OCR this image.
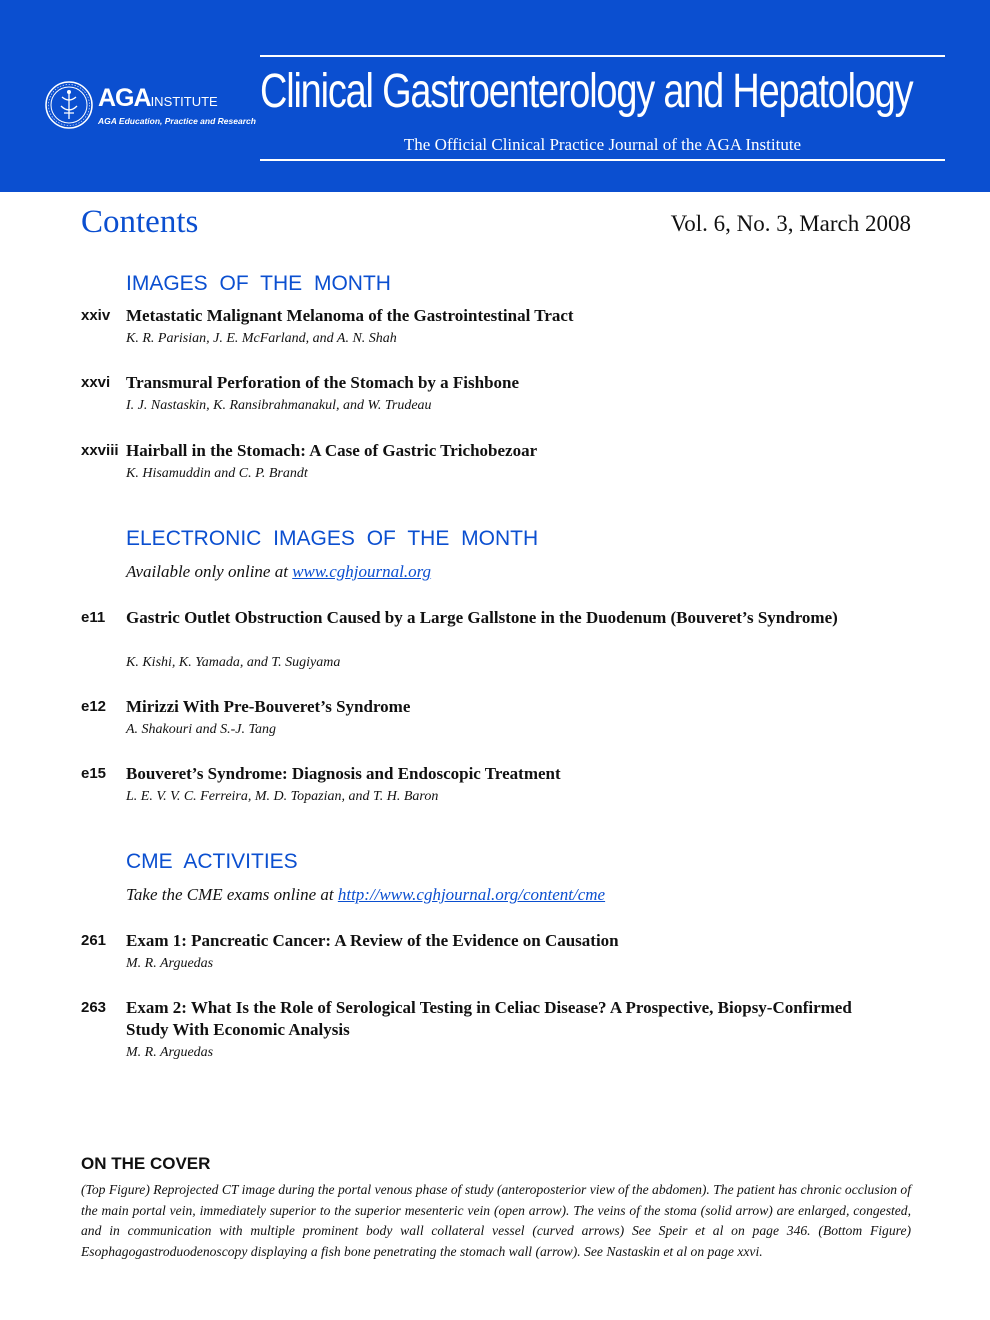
AGAINSTITUTE
AGA Education, Practice and Research
Clinical Gastroenterology and Hepatology
The Official Clinical Practice Journal of the AGA Institute
Contents	Vol. 6, No. 3, March 2008
IMAGES OF THE MONTH
xxiv Metastatic Malignant Melanoma of the Gastrointestinal Tract
K. R. Parisian, J. E. McFarland, and A. N. Shah
xxvi Transmural Perforation of the Stomach by a Fishbone
I. J. Nastaskin, K. Ransibrahmanakul, and W. Trudeau
xxviii Hairball in the Stomach: A Case of Gastric Trichobezoar
K. Hisamuddin and C. P. Brandt
ELECTRONIC IMAGES OF THE MONTH
Available only online at www.cghjournal.org
e11 Gastric Outlet Obstruction Caused by a Large Gallstone in the Duodenum (Bouveret’s Syndrome)
K. Kishi, K. Yamada, and T. Sugiyama
e12 Mirizzi With Pre-Bouveret’s Syndrome
A. Shakouri and S.-J. Tang
e15 Bouveret’s Syndrome: Diagnosis and Endoscopic Treatment
L. E. V. V. C. Ferreira, M. D. Topazian, and T. H. Baron
CME ACTIVITIES
Take the CME exams online at http://www.cghjournal.org/content/cme
261 Exam 1: Pancreatic Cancer: A Review of the Evidence on Causation
M. R. Arguedas
263 Exam 2: What Is the Role of Serological Testing in Celiac Disease? A Prospective, Biopsy-Confirmed Study With Economic Analysis
M. R. Arguedas
ON THE COVER
(Top Figure) Reprojected CT image during the portal venous phase of study (anteroposterior view of the abdomen). The patient has chronic occlusion of the main portal vein, immediately superior to the superior mesenteric vein (open arrow). The veins of the stoma (solid arrow) are enlarged, congested, and in communication with multiple prominent body wall collateral vessel (curved arrows) See Speir et al on page 346. (Bottom Figure) Esophagogastroduodenoscopy displaying a fish bone penetrating the stomach wall (arrow). See Nastaskin et al on page xxvi.
